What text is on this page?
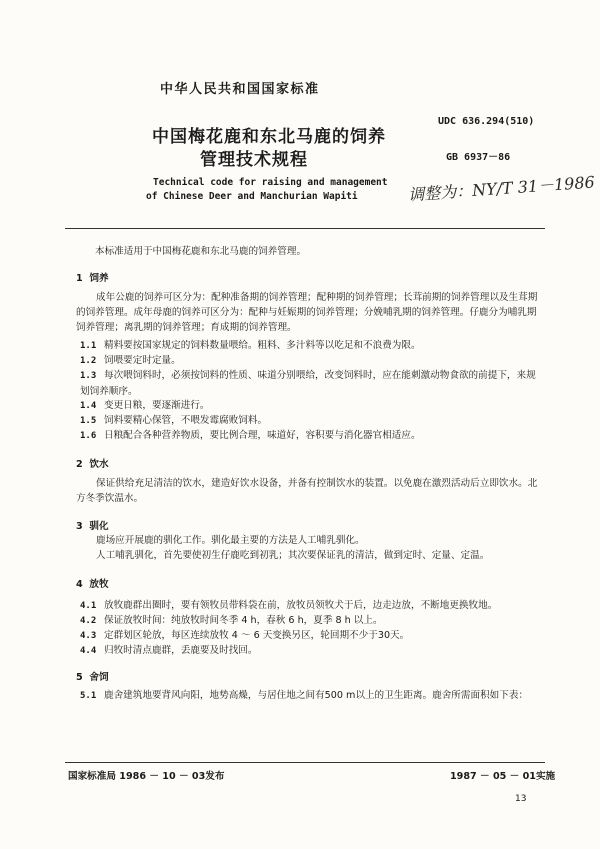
中华人民共和国国家标准
中国梅花鹿和东北马鹿的饲养
管理技术规程
UDC 636.294(510)
GB 6937－86
调整为：NY/T 31－1986
Technical code for raising and management
of Chinese Deer and Manchurian Wapiti
本标准适用于中国梅花鹿和东北马鹿的饲养管理。
1 饲养
成年公鹿的饲养可区分为：配种准备期的饲养管理；配种期的饲养管理；长茸前期的饲养管理以及生茸期的饲养管理。成年母鹿的饲养可区分为：配种与妊娠期的饲养管理；分娩哺乳期的饲养管理。仔鹿分为哺乳期饲养管理；离乳期的饲养管理；育成期的饲养管理。
1.1 精料要按国家规定的饲料数量喂给。粗料、多汁料等以吃足和不浪费为限。
1.2 饲喂要定时定量。
1.3 每次喂饲料时，必须按饲料的性质、味道分别喂给，改变饲料时，应在能刺激动物食欲的前提下，来规划饲养顺序。
1.4 变更日粮，要逐渐进行。
1.5 饲料要精心保管，不喂发霉腐败饲料。
1.6 日粮配合各种营养物质，要比例合理，味道好，容积要与消化器官相适应。
2 饮水
保证供给充足清洁的饮水，建造好饮水设备，并备有控制饮水的装置。以免鹿在激烈活动后立即饮水。北方冬季饮温水。
3 驯化
鹿场应开展鹿的驯化工作。驯化最主要的方法是人工哺乳驯化。
人工哺乳驯化，首先要使初生仔鹿吃到初乳；其次要保证乳的清洁，做到定时、定量、定温。
4 放牧
4.1 放牧鹿群出圈时，要有领牧员带料袋在前，放牧员领牧犬于后，边走边放，不断地更换牧地。
4.2 保证放牧时间：纯放牧时间冬季 4 h，春秋 6 h，夏季 8 h 以上。
4.3 定群划区轮放，每区连续放牧 4 ～ 6 天变换另区，轮回期不少于30天。
4.4 归牧时清点鹿群，丢鹿要及时找回。
5 舍饲
5.1 鹿舍建筑地要背风向阳，地势高燥，与居住地之间有500 m以上的卫生距离。鹿舍所需面积如下表：
国家标准局 1986 － 10 － 03发布	1987 － 05 － 01实施
13
